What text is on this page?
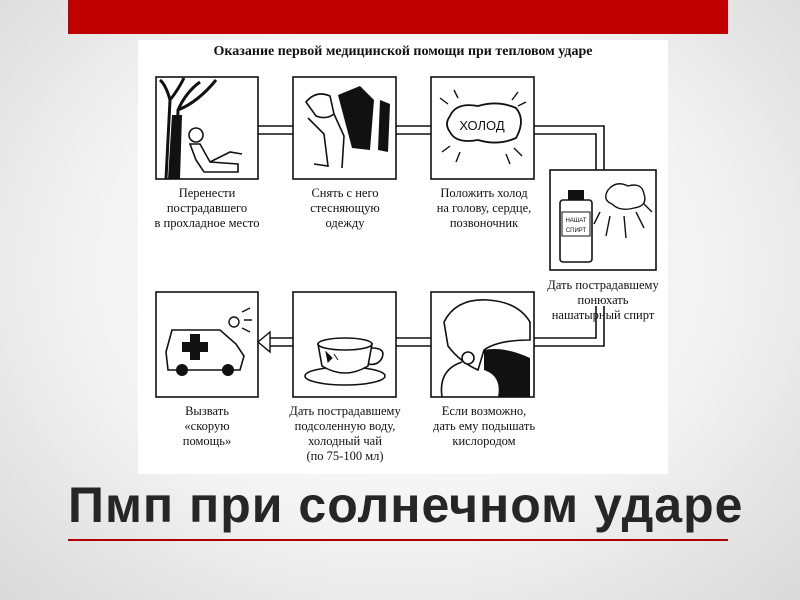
Оказание первой медицинской помощи при тепловом ударе
ХОЛОД
НАШАТ
СПИРТ
Перенести
пострадавшего
в прохладное место
Снять с него
стесняющую
одежду
Положить холод
на голову, сердце,
позвоночник
Дать пострадавшему
понюхать
нашатырный спирт
Если возможно,
дать ему подышать
кислородом
Дать пострадавшему
подсоленную воду,
холодный чай
(по 75-100 мл)
Вызвать
«скорую
помощь»
Пмп при солнечном ударе
